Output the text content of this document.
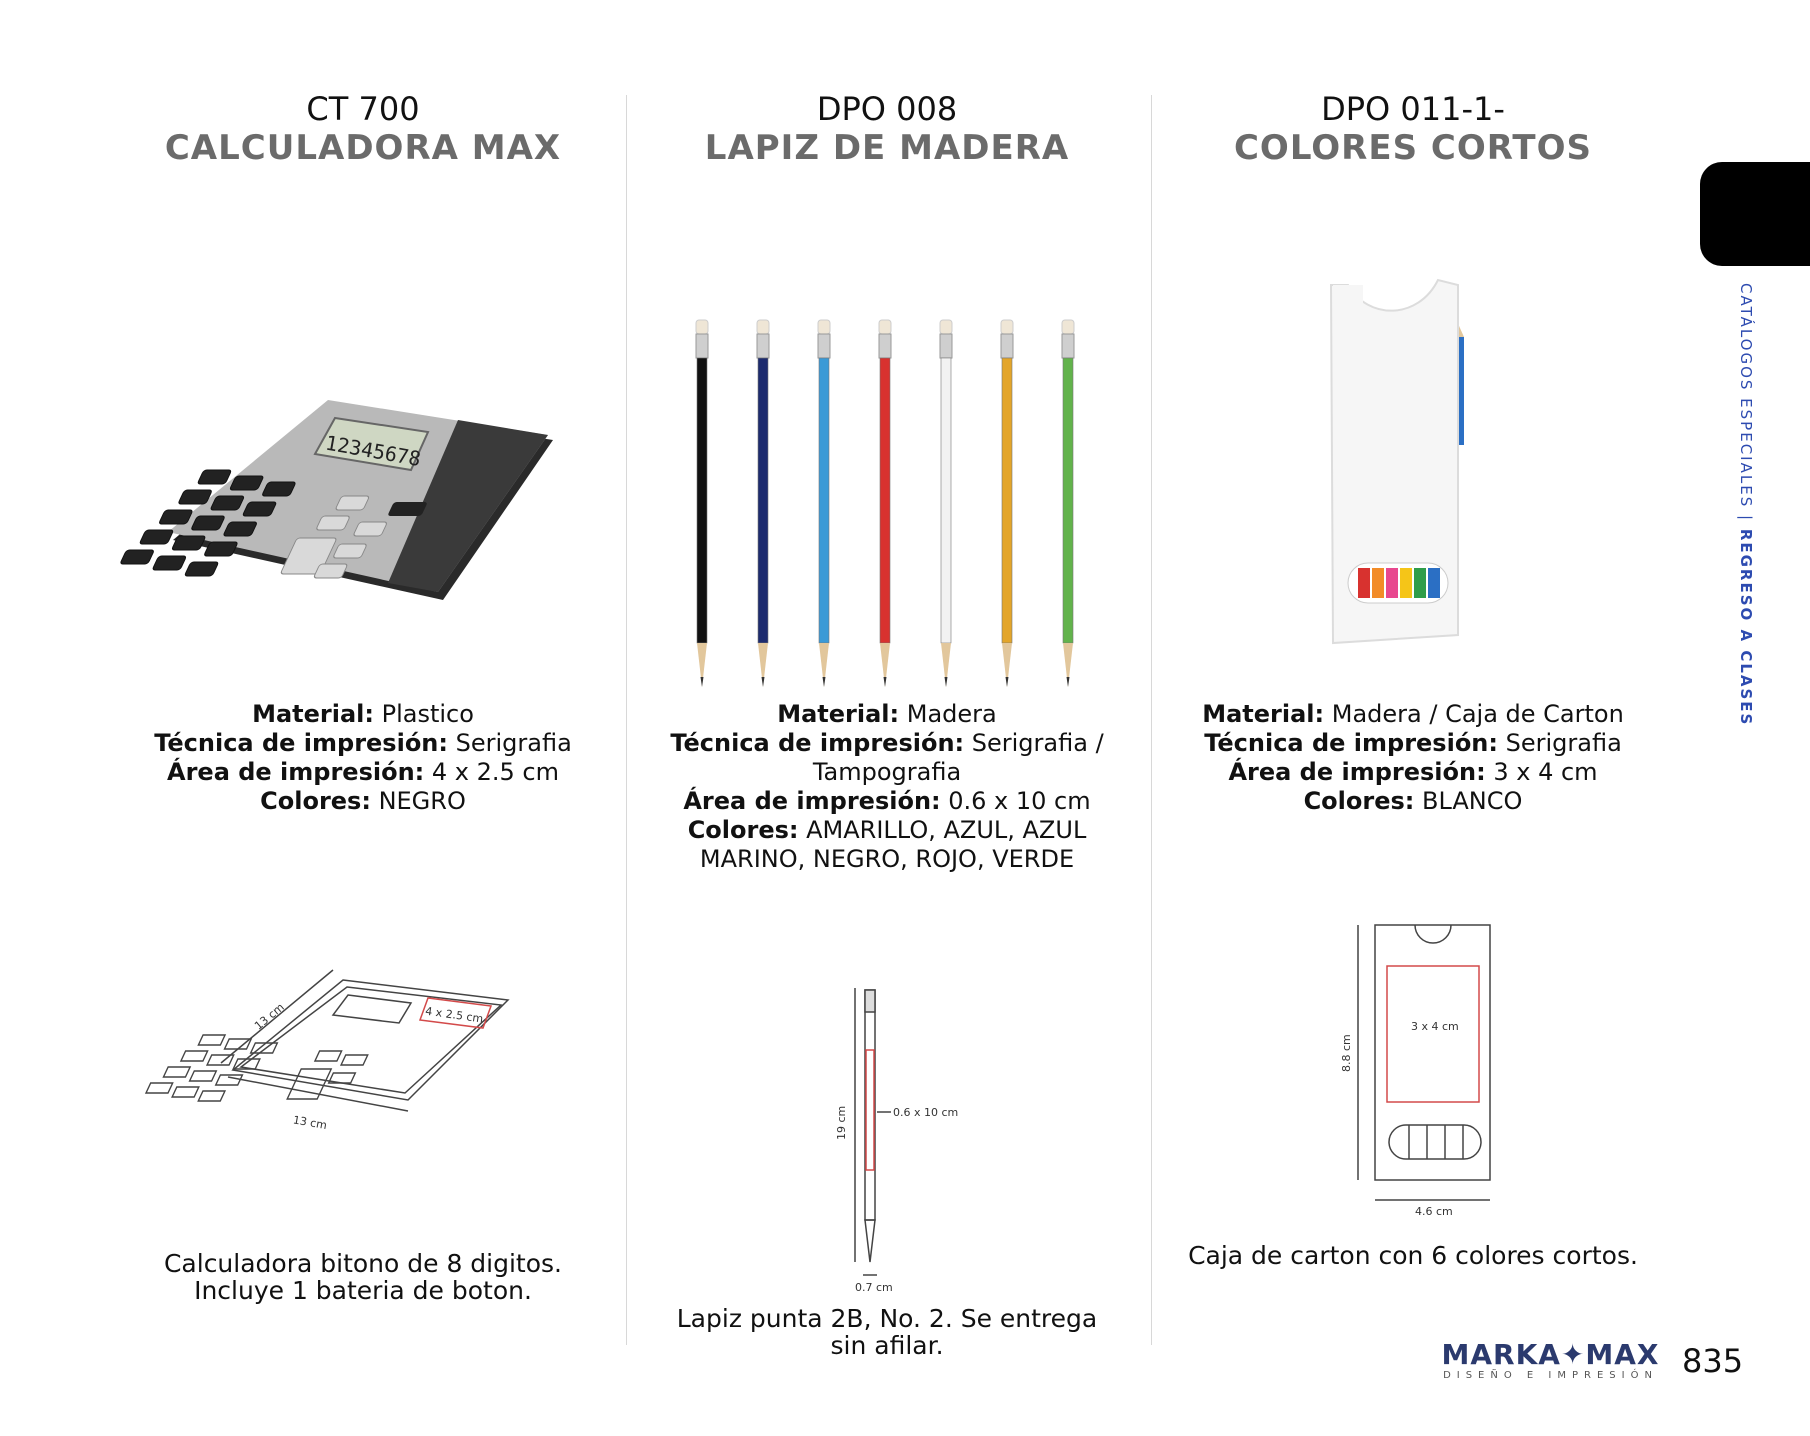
CT 700
CALCULADORA MAX
12345678
Material: Plastico
Técnica de impresión: Serigrafia
Área de impresión: 4 x 2.5 cm
Colores: NEGRO
4 x 2.5 cm
13 cm
13 cm
Calculadora bitono de 8 digitos.
Incluye 1 bateria de boton.
DPO 008
LAPIZ DE MADERA
Material: Madera
Técnica de impresión: Serigrafia /
Tampografia
Área de impresión: 0.6 x 10 cm
Colores: AMARILLO, AZUL, AZUL
MARINO, NEGRO, ROJO, VERDE
0.6 x 10 cm
19 cm
0.7 cm
Lapiz punta 2B, No. 2. Se entrega
sin afilar.
DPO 011-1-
COLORES CORTOS
Material: Madera / Caja de Carton
Técnica de impresión: Serigrafia
Área de impresión: 3 x 4 cm
Colores: BLANCO
3 x 4 cm
8.8 cm
4.6 cm
Caja de carton con 6 colores cortos.
CATÁLOGOS ESPECIALES | REGRESO A CLASES
MARKA✦MAX
DISEÑO E IMPRESIÓN 835
